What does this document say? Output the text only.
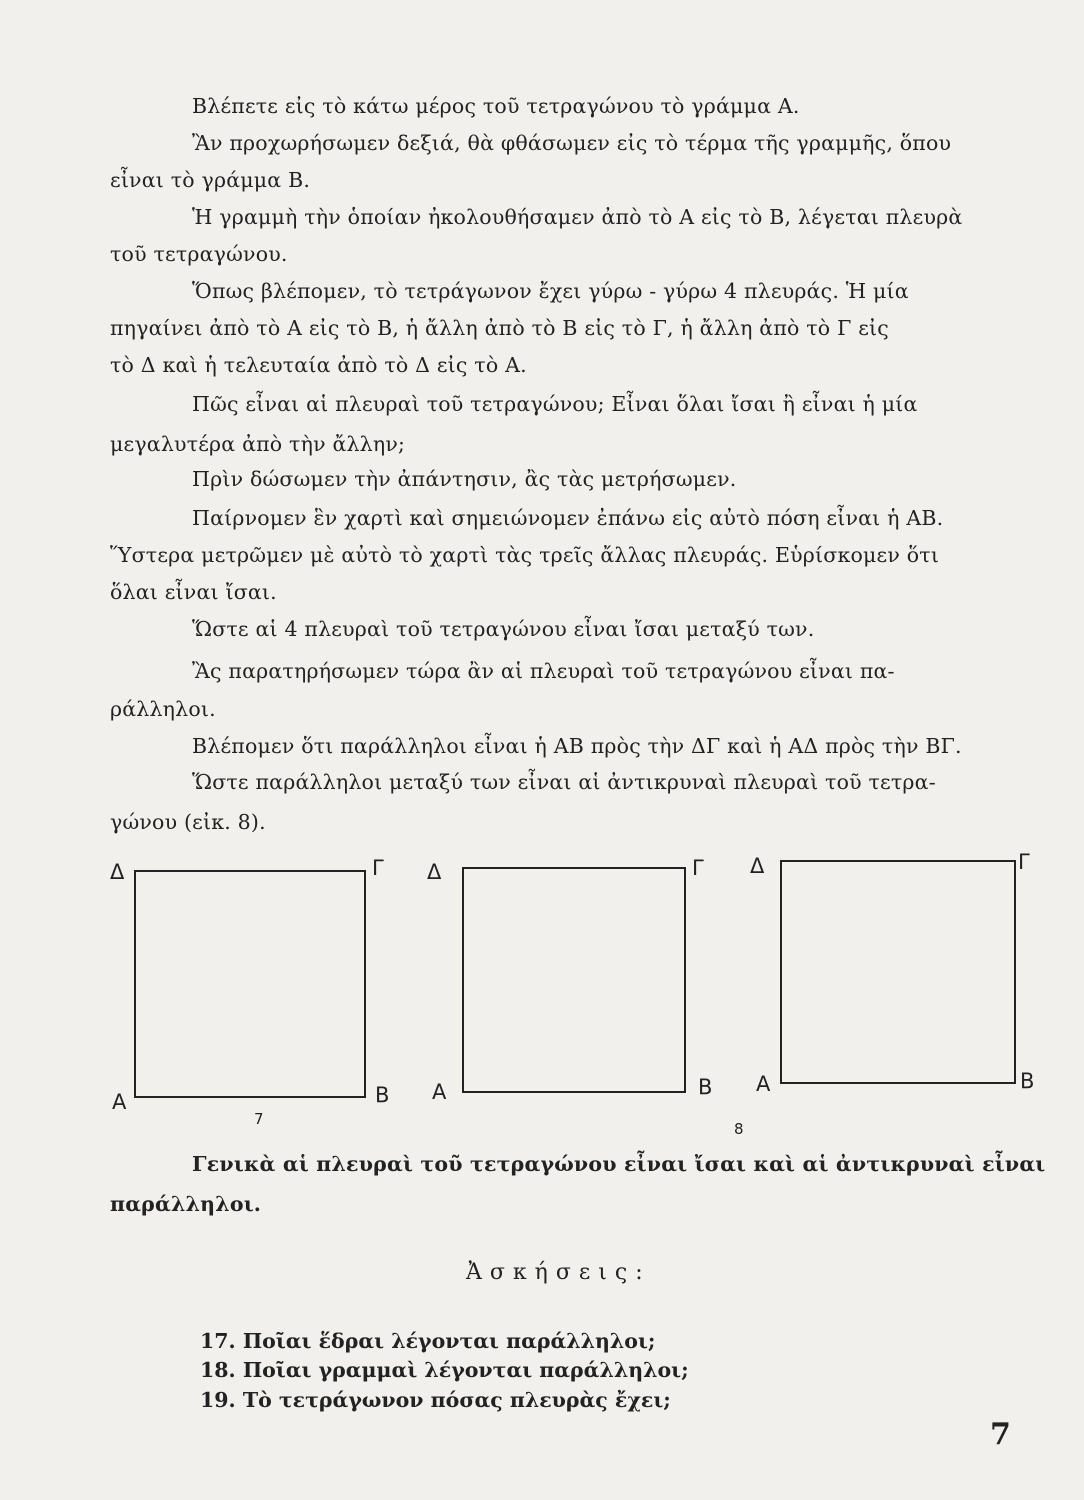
Βλέπετε εἰς τὸ κάτω μέρος τοῦ τετραγώνου τὸ γράμμα Α.
Ἂν προχωρήσωμεν δεξιά, θὰ φθάσωμεν εἰς τὸ τέρμα τῆς γραμμῆς, ὅπου
εἶναι τὸ γράμμα Β.
Ἡ γραμμὴ τὴν ὁποίαν ἠκολουθήσαμεν ἀπὸ τὸ Α εἰς τὸ Β, λέγεται πλευρὰ
τοῦ τετραγώνου.
Ὅπως βλέπομεν, τὸ τετράγωνον ἔχει γύρω - γύρω 4 πλευράς. Ἡ μία
πηγαίνει ἀπὸ τὸ Α εἰς τὸ Β, ἡ ἄλλη ἀπὸ τὸ Β εἰς τὸ Γ, ἡ ἄλλη ἀπὸ τὸ Γ εἰς
τὸ Δ καὶ ἡ τελευταία ἀπὸ τὸ Δ εἰς τὸ Α.
Πῶς εἶναι αἱ πλευραὶ τοῦ τετραγώνου; Εἶναι ὅλαι ἴσαι ἢ εἶναι ἡ μία
μεγαλυτέρα ἀπὸ τὴν ἄλλην;
Πρὶν δώσωμεν τὴν ἀπάντησιν, ἂς τὰς μετρήσωμεν.
Παίρνομεν ἓν χαρτὶ καὶ σημειώνομεν ἐπάνω εἰς αὐτὸ πόση εἶναι ἡ ΑΒ.
Ὕστερα μετρῶμεν μὲ αὐτὸ τὸ χαρτὶ τὰς τρεῖς ἄλλας πλευράς. Εὑρίσκομεν ὅτι
ὅλαι εἶναι ἴσαι.
Ὥστε αἱ 4 πλευραὶ τοῦ τετραγώνου εἶναι ἴσαι μεταξύ των.
Ἂς παρατηρήσωμεν τώρα ἂν αἱ πλευραὶ τοῦ τετραγώνου εἶναι πα-
ράλληλοι.
Βλέπομεν ὅτι παράλληλοι εἶναι ἡ ΑΒ πρὸς τὴν ΔΓ καὶ ἡ ΑΔ πρὸς τὴν ΒΓ.
Ὥστε παράλληλοι μεταξύ των εἶναι αἱ ἀντικρυναὶ πλευραὶ τοῦ τετρα-
γώνου (εἰκ. 8).
Δ	Γ
Α	Β
7
Δ	Γ
Α	Β
Δ	Γ
Α	Β
8
Γενικὰ αἱ πλευραὶ τοῦ τετραγώνου εἶναι ἴσαι καὶ αἱ ἀντικρυναὶ εἶναι
παράλληλοι.
Ἀσκήσεις:
17. Ποῖαι ἕδραι λέγονται παράλληλοι;
18. Ποῖαι γραμμαὶ λέγονται παράλληλοι;
19. Τὸ τετράγωνον πόσας πλευρὰς ἔχει;
7
